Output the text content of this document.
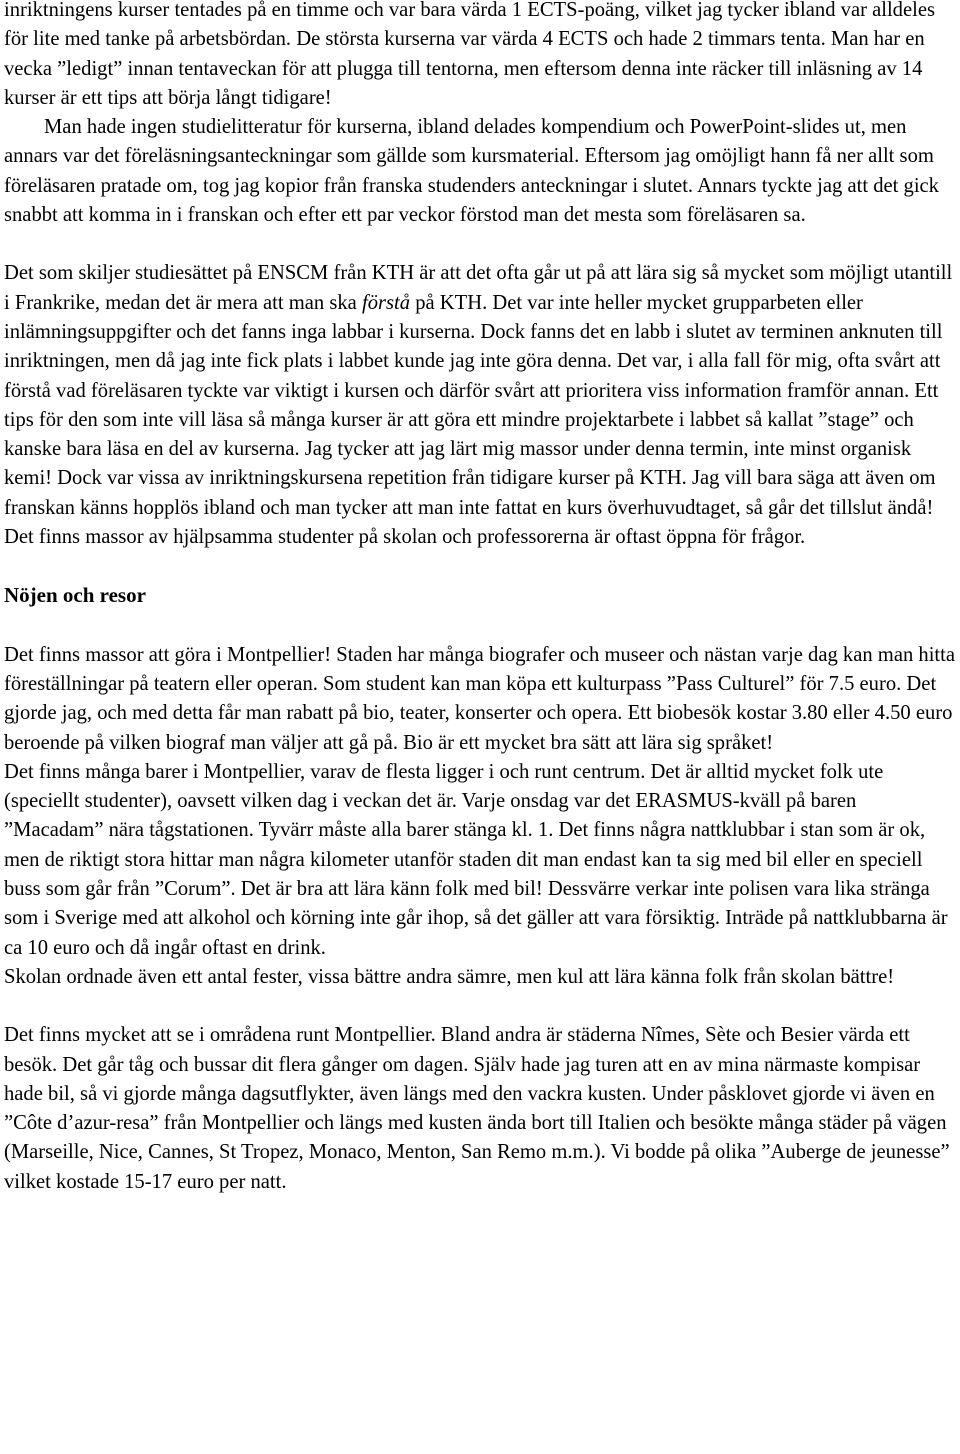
inriktningens kurser tentades på en timme och var bara värda 1 ECTS-poäng, vilket jag tycker ibland var alldeles för lite med tanke på arbetsbördan. De största kurserna var värda 4 ECTS och hade 2 timmars tenta. Man har en vecka ”ledigt” innan tentaveckan för att plugga till tentorna, men eftersom denna inte räcker till inläsning av 14 kurser är ett tips att börja långt tidigare!

Man hade ingen studielitteratur för kurserna, ibland delades kompendium och PowerPoint-slides ut, men annars var det föreläsningsanteckningar som gällde som kursmaterial. Eftersom jag omöjligt hann få ner allt som föreläsaren pratade om, tog jag kopior från franska studenders anteckningar i slutet. Annars tyckte jag att det gick snabbt att komma in i franskan och efter ett par veckor förstod man det mesta som föreläsaren sa.

Det som skiljer studiesättet på ENSCM från KTH är att det ofta går ut på att lära sig så mycket som möjligt utantill i Frankrike, medan det är mera att man ska förstå på KTH. Det var inte heller mycket grupparbeten eller inlämningsuppgifter och det fanns inga labbar i kurserna. Dock fanns det en labb i slutet av terminen anknuten till inriktningen, men då jag inte fick plats i labbet kunde jag inte göra denna. Det var, i alla fall för mig, ofta svårt att förstå vad föreläsaren tyckte var viktigt i kursen och därför svårt att prioritera viss information framför annan. Ett tips för den som inte vill läsa så många kurser är att göra ett mindre projektarbete i labbet så kallat ”stage” och kanske bara läsa en del av kurserna. Jag tycker att jag lärt mig massor under denna termin, inte minst organisk kemi! Dock var vissa av inriktningskursena repetition från tidigare kurser på KTH. Jag vill bara säga att även om franskan känns hopplös ibland och man tycker att man inte fattat en kurs överhuvudtaget, så går det tillslut ändå! Det finns massor av hjälpsamma studenter på skolan och professorerna är oftast öppna för frågor.

Nöjen och resor

Det finns massor att göra i Montpellier! Staden har många biografer och museer och nästan varje dag kan man hitta föreställningar på teatern eller operan. Som student kan man köpa ett kulturpass ”Pass Culturel” för 7.5 euro. Det gjorde jag, och med detta får man rabatt på bio, teater, konserter och opera. Ett biobesök kostar 3.80 eller 4.50 euro beroende på vilken biograf man väljer att gå på. Bio är ett mycket bra sätt att lära sig språket!

Det finns många barer i Montpellier, varav de flesta ligger i och runt centrum. Det är alltid mycket folk ute (speciellt studenter), oavsett vilken dag i veckan det är. Varje onsdag var det ERASMUS-kväll på baren ”Macadam” nära tågstationen. Tyvärr måste alla barer stänga kl. 1. Det finns några nattklubbar i stan som är ok, men de riktigt stora hittar man några kilometer utanför staden dit man endast kan ta sig med bil eller en speciell buss som går från ”Corum”. Det är bra att lära känn folk med bil! Dessvärre verkar inte polisen vara lika stränga som i Sverige med att alkohol och körning inte går ihop, så det gäller att vara försiktig. Inträde på nattklubbarna är ca 10 euro och då ingår oftast en drink.

Skolan ordnade även ett antal fester, vissa bättre andra sämre, men kul att lära känna folk från skolan bättre!

Det finns mycket att se i områdena runt Montpellier. Bland andra är städerna Nîmes, Sète och Besier värda ett besök. Det går tåg och bussar dit flera gånger om dagen. Själv hade jag turen att en av mina närmaste kompisar hade bil, så vi gjorde många dagsutflykter, även längs med den vackra kusten. Under påsklovet gjorde vi även en ”Côte d’azur-resa” från Montpellier och längs med kusten ända bort till Italien och besökte många städer på vägen (Marseille, Nice, Cannes, St Tropez, Monaco, Menton, San Remo m.m.). Vi bodde på olika ”Auberge de jeunesse” vilket kostade 15-17 euro per natt.
